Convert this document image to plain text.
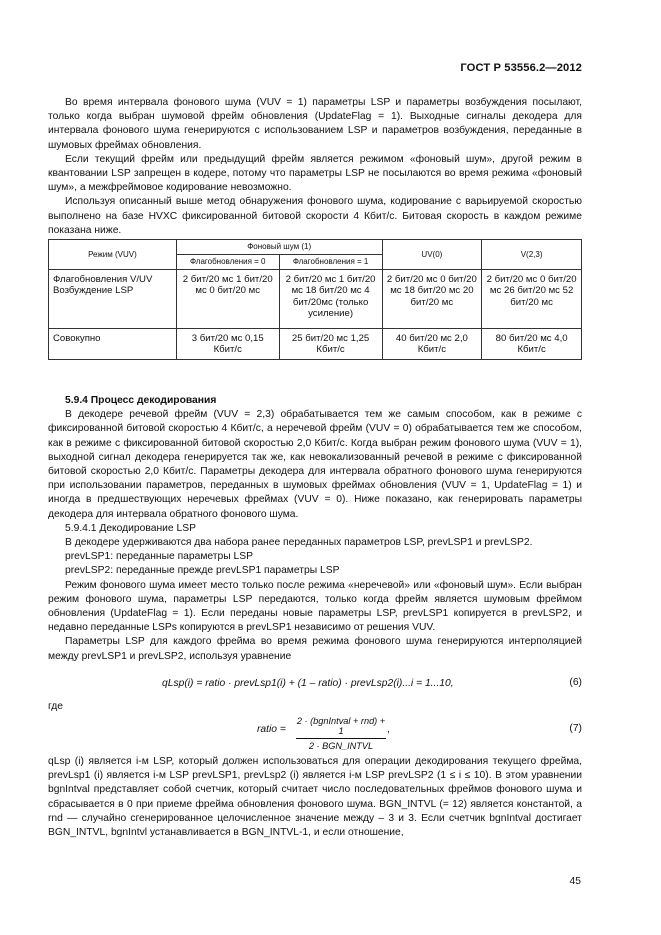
ГОСТ Р 53556.2—2012

Во время интервала фонового шума (VUV = 1) параметры LSP и параметры возбуждения посылают, только когда выбран шумовой фрейм обновления (UpdateFlag = 1). Выходные сигналы декодера для интервала фонового шума генерируются с использованием LSP и параметров возбуждения, переданные в шумовых фреймах обновления.

Если текущий фрейм или предыдущий фрейм является режимом «фоновый шум», другой режим в квантовании LSP запрещен в кодере, потому что параметры LSP не посылаются во время режима «фоновый шум», а межфреймовое кодирование невозможно.

Используя описанный выше метод обнаружения фонового шума, кодирование с варьируемой скоростью выполнено на базе HVXC фиксированной битовой скорости 4 Кбит/с. Битовая скорость в каждом режиме показана ниже.

Режим (VUV)	Фоновый шум (1)		UV(0)	V(2,3)
	Флагобновления = 0	Флагобновления = 1		
Флагобновления V/UV Возбуждение LSP	2 бит/20 мс 1 бит/20 мс 0 бит/20 мс	2 бит/20 мс 1 бит/20 мс 18 бит/20 мс 4 бит/20мс (только усиление)	2 бит/20 мс 0 бит/20 мс 18 бит/20 мс 20 бит/20 мс	2 бит/20 мс 0 бит/20 мс 26 бит/20 мс 52 бит/20 мс
Совокупно	3 бит/20 мс 0,15 Кбит/с	25 бит/20 мс 1,25 Кбит/с	40 бит/20 мс 2,0 Кбит/с	80 бит/20 мс 4,0 Кбит/с

5.9.4 Процесс декодирования

В декодере речевой фрейм (VUV = 2,3) обрабатывается тем же самым способом, как в режиме с фиксированной битовой скоростью 4 Кбит/с, а неречевой фрейм (VUV = 0) обрабатывается тем же способом, как в режиме с фиксированной битовой скоростью 2,0 Кбит/с. Когда выбран режим фонового шума (VUV = 1), выходной сигнал декодера генерируется так же, как невокализованный речевой в режиме с фиксированной битовой скоростью 2,0 Кбит/с. Параметры декодера для интервала обратного фонового шума генерируются при использовании параметров, переданных в шумовых фреймах обновления (VUV = 1, UpdateFlag = 1) и иногда в предшествующих неречевых фреймах (VUV = 0). Ниже показано, как генерировать параметры декодера для интервала обратного фонового шума.

5.9.4.1 Декодирование LSP

В декодере удерживаются два набора ранее переданных параметров LSP, prevLSP1 и prevLSP2.

prevLSP1: переданные параметры LSP

prevLSP2: переданные прежде prevLSP1 параметры LSP

Режим фонового шума имеет место только после режима «неречевой» или «фоновый шум». Если выбран режим фонового шума, параметры LSP передаются, только когда фрейм является шумовым фреймом обновления (UpdateFlag = 1). Если переданы новые параметры LSP, prevLSP1 копируется в prevLSP2, и недавно переданные LSPs копируются в prevLSP1 независимо от решения VUV.

Параметры LSP для каждого фрейма во время режима фонового шума генерируются интерполяцией между prevLSP1 и prevLSP2, используя уравнение

qLsp(i) = ratio · prevLsp1(i) + (1 – ratio) · prevLsp2(i)...i = 1...10,	(6)
где
ratio =
2 · (bgnIntval + rnd) + 1
2 · BGN_INTVL
,	(7)

qLsp (i) является i-м LSP, который должен использоваться для операции декодирования текущего фрейма, prevLsp1 (i) является i-м LSP prevLSP1, prevLsp2 (i) является i-м LSP prevLSP2 (1 ≤ i ≤ 10). В этом уравнении bgnIntval представляет собой счетчик, который считает число последовательных фреймов фонового шума и сбрасывается в 0 при приеме фрейма обновления фонового шума. BGN_INTVL (= 12) является константой, а rnd — случайно сгенерированное целочисленное значение между – 3 и 3. Если счетчик bgnIntval достигает BGN_INTVL, bgnIntvl устанавливается в BGN_INTVL-1, и если отношение,

45
